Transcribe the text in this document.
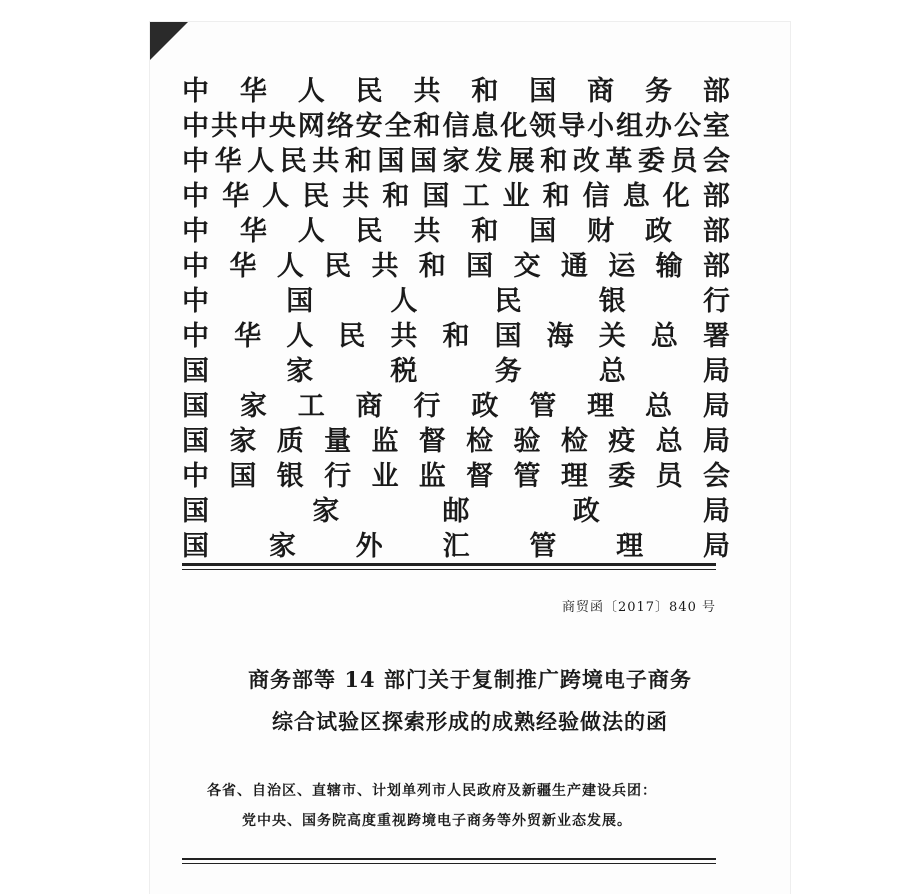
中 华 人 民 共 和 国 商 务 部
中 共 中 央 网 络 安 全 和 信 息 化 领 导 小 组 办 公 室
中 华 人 民 共 和 国 国 家 发 展 和 改 革 委 员 会
中 华 人 民 共 和 国 工 业 和 信 息 化 部
中 华 人 民 共 和 国 财 政 部
中 华 人 民 共 和 国 交 通 运 输 部
中	国	人	民	银	行
中 华 人 民 共 和 国 海 关 总 署
国	家	税	务	总	局
国 家 工 商 行 政 管 理 总 局
国 家 质 量 监 督 检 验 检 疫 总 局
中 国 银 行 业 监 督 管 理 委 员 会
国	家	邮	政	局
国 家 外 汇 管 理 局
商贸函〔2017〕840 号
商务部等 14 部门关于复制推广跨境电子商务
综合试验区探索形成的成熟经验做法的函
各省、自治区、直辖市、计划单列市人民政府及新疆生产建设兵团：
党中央、国务院高度重视跨境电子商务等外贸新业态发展。
